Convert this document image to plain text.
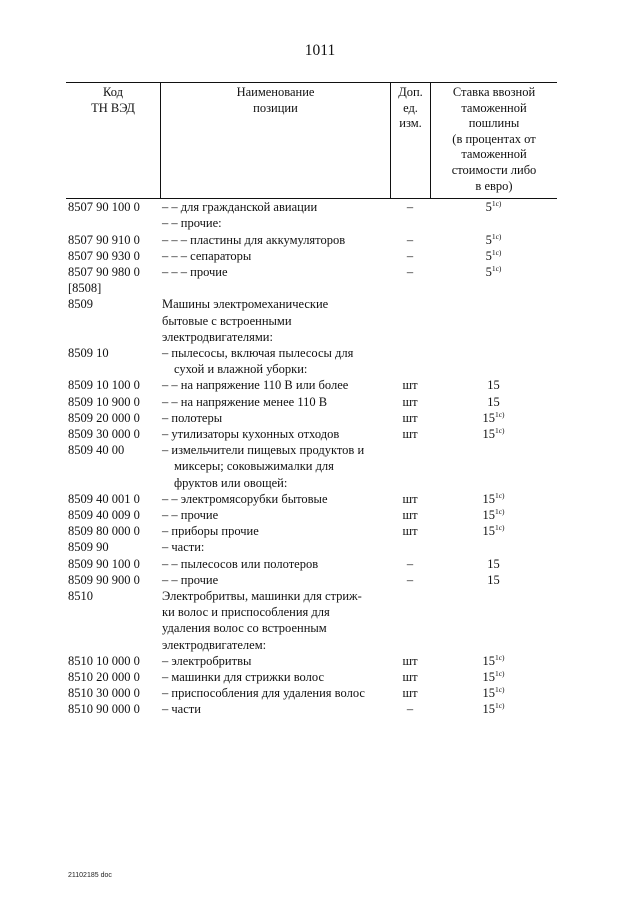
1011
Код
ТН ВЭД
Наименование
позиции
Доп.
ед.
изм.
Ставка ввозной
таможенной
пошлины
(в процентах от
таможенной
стоимости либо
в евро)
8507 90 100 0	– – для гражданской авиации	–	$5^{1с)}$
– – прочие:
8507 90 910 0	– – – пластины для аккумуляторов	–	$5^{1с)}$
8507 90 930 0	– – – сепараторы	–	$5^{1с)}$
8507 90 980 0	– – – прочие	–	$5^{1с)}$
[8508]

8509	Машины электромеханические
бытовые с встроенными
электродвигателями:
8509 10	– пылесосы, включая пылесосы для
сухой и влажной уборки:
8509 10 100 0	– – на напряжение 110 В или более	шт	15
8509 10 900 0	– – на напряжение менее 110 В	шт	15
8509 20 000 0	– полотеры	шт	$15^{1с)}$
8509 30 000 0	– утилизаторы кухонных отходов	шт	$15^{1с)}$
8509 40 00	– измельчители пищевых продуктов и
миксеры; соковыжималки для
фруктов или овощей:
8509 40 001 0	– – электромясорубки бытовые	шт	$15^{1с)}$
8509 40 009 0	– – прочие	шт	$15^{1с)}$
8509 80 000 0	– приборы прочие	шт	$15^{1с)}$
8509 90	– части:
8509 90 100 0	– – пылесосов или полотеров	–	15
8509 90 900 0	– – прочие	–	15
8510	Электробритвы, машинки для стриж-
ки волос и приспособления для
удаления волос со встроенным
электродвигателем:
8510 10 000 0	– электробритвы	шт	$15^{1с)}$
8510 20 000 0	– машинки для стрижки волос	шт	$15^{1с)}$
8510 30 000 0	– приспособления для удаления волос	шт	$15^{1с)}$
8510 90 000 0	– части	–	$15^{1с)}$
21102185 doc
